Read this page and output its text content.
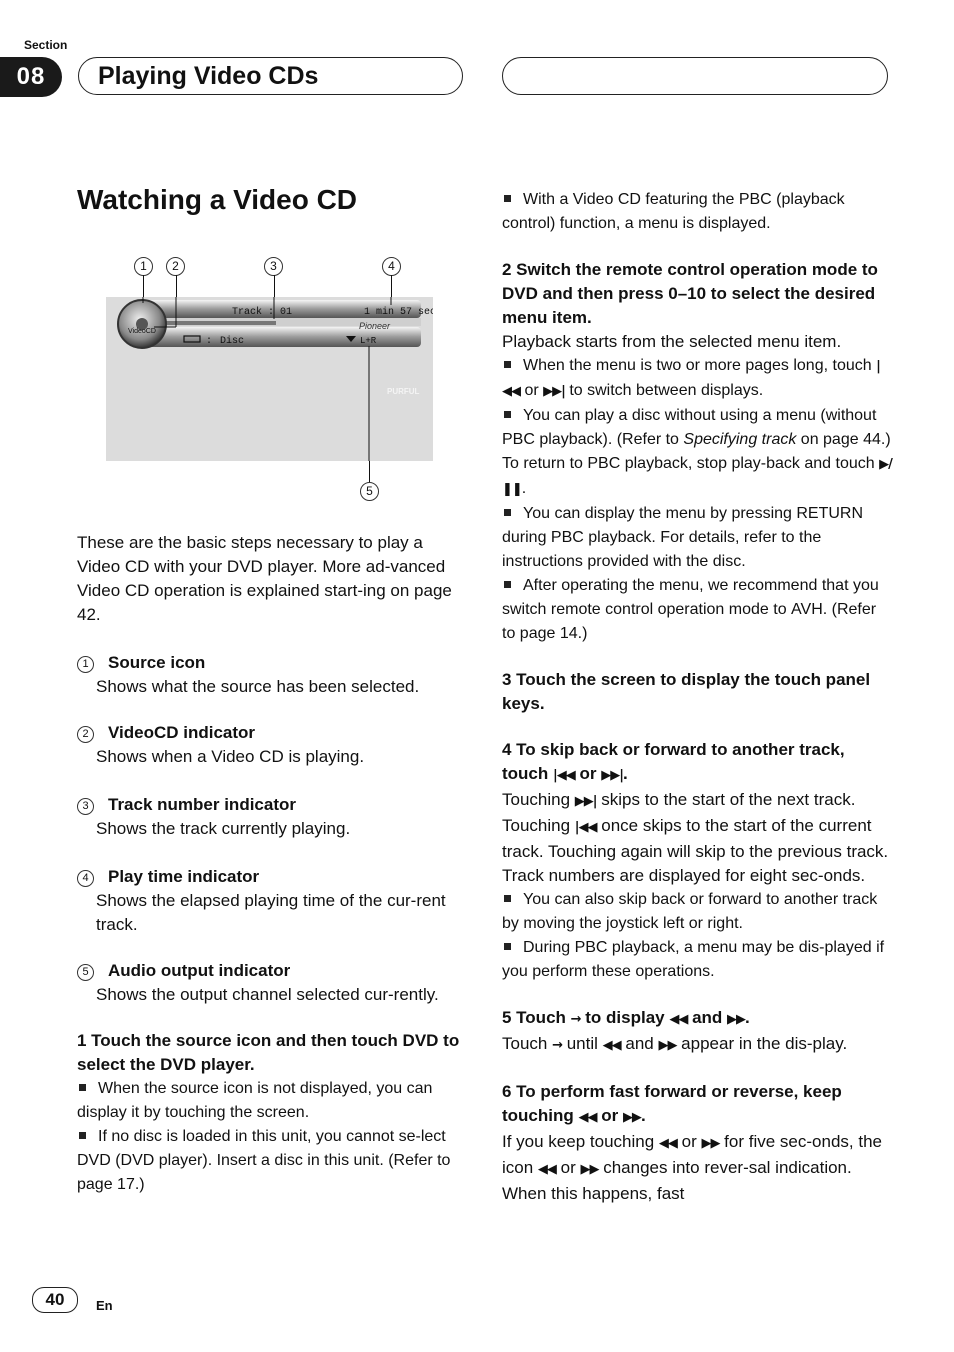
Section
08	Playing Video CDs
Watching a Video CD
1	2	3	4
5
VideoCD
Track : 01	1 min 57 sec
Pioneer
: Disc	L+R
PURFUL

These are the basic steps necessary to play a Video CD with your DVD player. More ad-vanced Video CD operation is explained start-ing on page 42.

1 Source icon

Shows what the source has been selected.

2 VideoCD indicator

Shows when a Video CD is playing.

3 Track number indicator

Shows the track currently playing.

4 Play time indicator

Shows the elapsed playing time of the cur-rent track.

5 Audio output indicator

Shows the output channel selected cur-rently.

1 Touch the source icon and then touch DVD to select the DVD player.

When the source icon is not displayed, you can display it by touching the screen.

If no disc is loaded in this unit, you cannot se-lect DVD (DVD player). Insert a disc in this unit. (Refer to page 17.)

With a Video CD featuring the PBC (playback control) function, a menu is displayed.

2 Switch the remote control operation mode to DVD and then press 0–10 to select the desired menu item.

Playback starts from the selected menu item.

When the menu is two or more pages long, touch |◀◀ or ▶▶| to switch between displays.

You can play a disc without using a menu (without PBC playback). (Refer to Specifying track on page 44.) To return to PBC playback, stop play-back and touch ▶/❚❚.

You can display the menu by pressing RETURN during PBC playback. For details, refer to the instructions provided with the disc.

After operating the menu, we recommend that you switch remote control operation mode to AVH. (Refer to page 14.)

3 Touch the screen to display the touch panel keys.

4 To skip back or forward to another track, touch |◀◀ or ▶▶|.

Touching ▶▶| skips to the start of the next track. Touching |◀◀ once skips to the start of the current track. Touching again will skip to the previous track.

Track numbers are displayed for eight sec-onds.

You can also skip back or forward to another track by moving the joystick left or right.

During PBC playback, a menu may be dis-played if you perform these operations.

5 Touch → to display ◀◀ and ▶▶.

Touch → until ◀◀ and ▶▶ appear in the dis-play.

6 To perform fast forward or reverse, keep touching ◀◀ or ▶▶.

If you keep touching ◀◀ or ▶▶ for five sec-onds, the icon ◀◀ or ▶▶ changes into rever-sal indication. When this happens, fast

40	En
